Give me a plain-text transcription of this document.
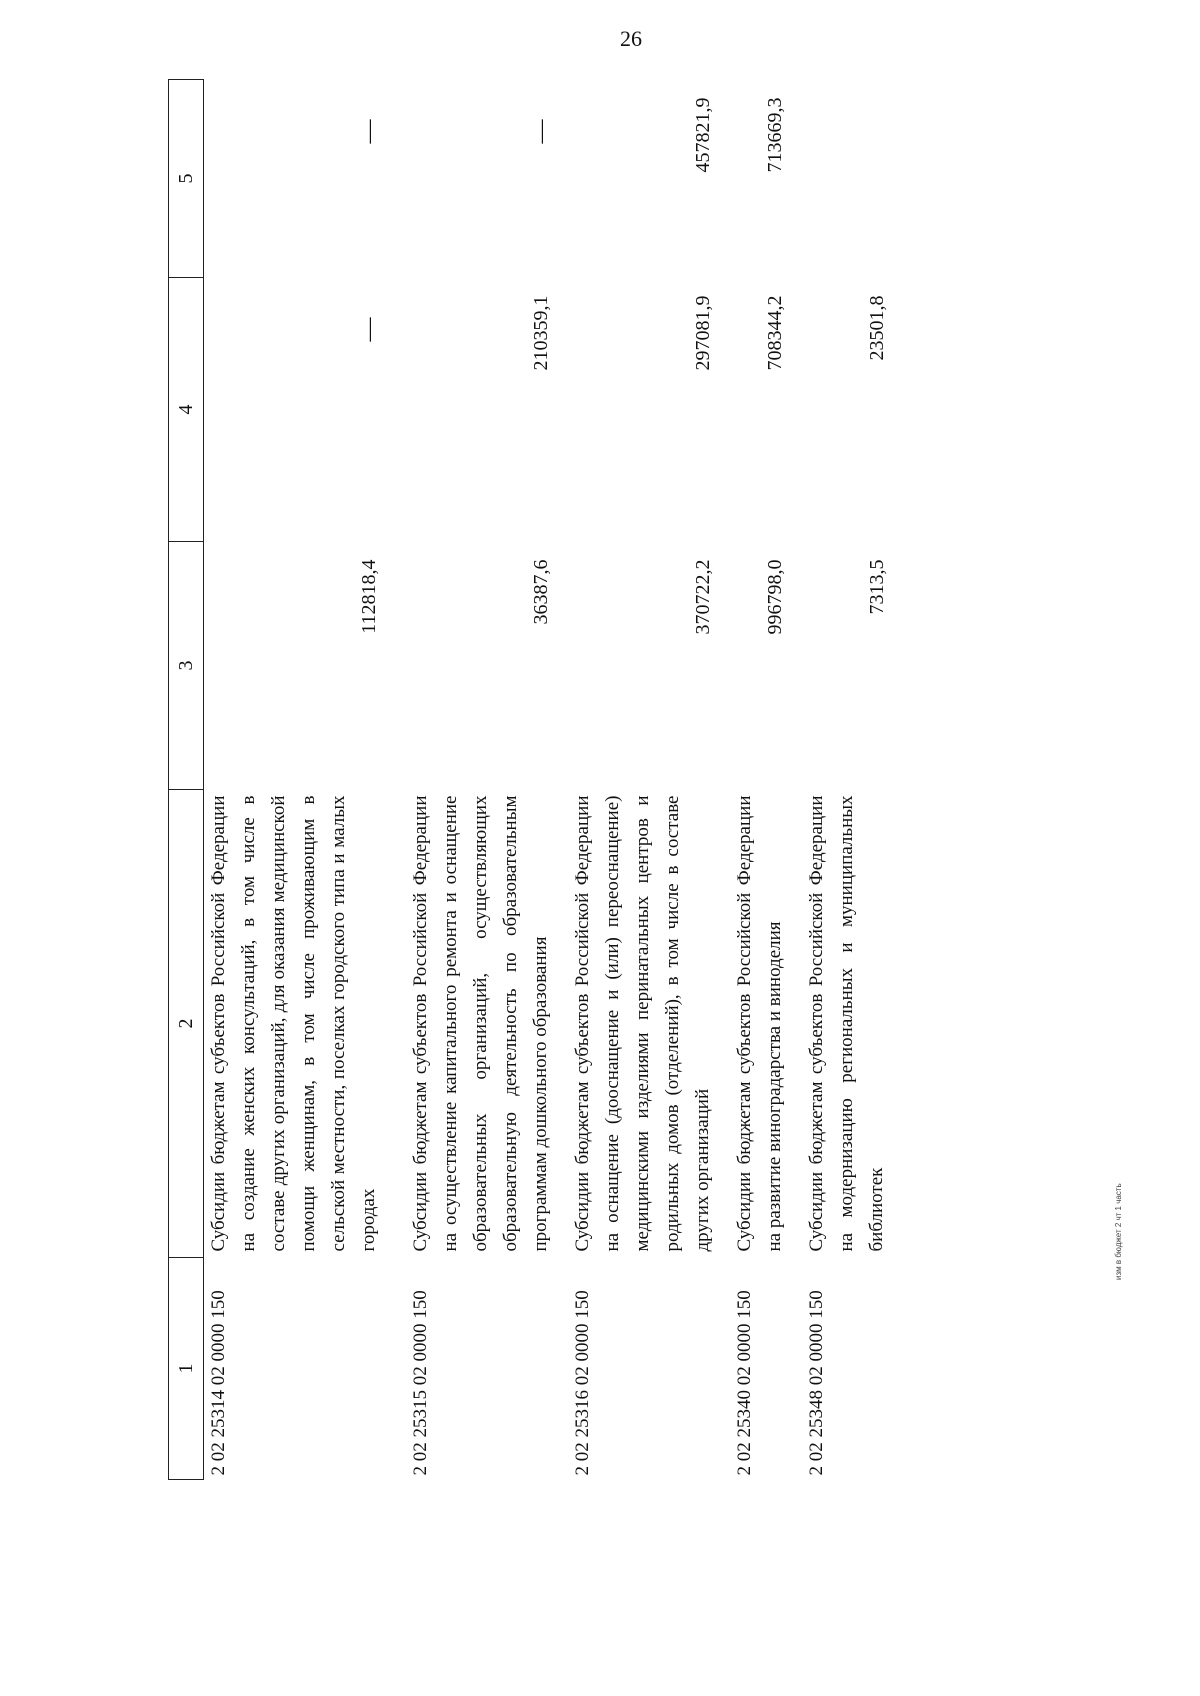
26
1	2	3	4	5
2 02 25314 02 0000 150	Субсидии бюджетам субъектов Российской Федерации на создание женских консультаций, в том числе в составе других организаций, для оказания медицинской помощи женщинам, в том числе проживающим в сельской местности, поселках городского типа и малых городах	112818,4	—	—
2 02 25315 02 0000 150	Субсидии бюджетам субъектов Российской Федерации на осуществление капитального ремонта и оснащение образовательных организаций, осуществляющих образовательную деятельность по образовательным программам дошкольного образования	36387,6	210359,1	—
2 02 25316 02 0000 150	Субсидии бюджетам субъектов Российской Федерации на оснащение (дооснащение и (или) переоснащение) медицинскими изделиями перинатальных центров и родильных домов (отделений), в том числе в составе других организаций	370722,2	297081,9	457821,9
2 02 25340 02 0000 150	Субсидии бюджетам субъектов Российской Федерации на развитие виноградарства и виноделия	996798,0	708344,2	713669,3
2 02 25348 02 0000 150	Субсидии бюджетам субъектов Российской Федерации на модернизацию региональных и муниципальных библиотек	7313,5	23501,8	
изм в бюджет 2 чт 1 часть
